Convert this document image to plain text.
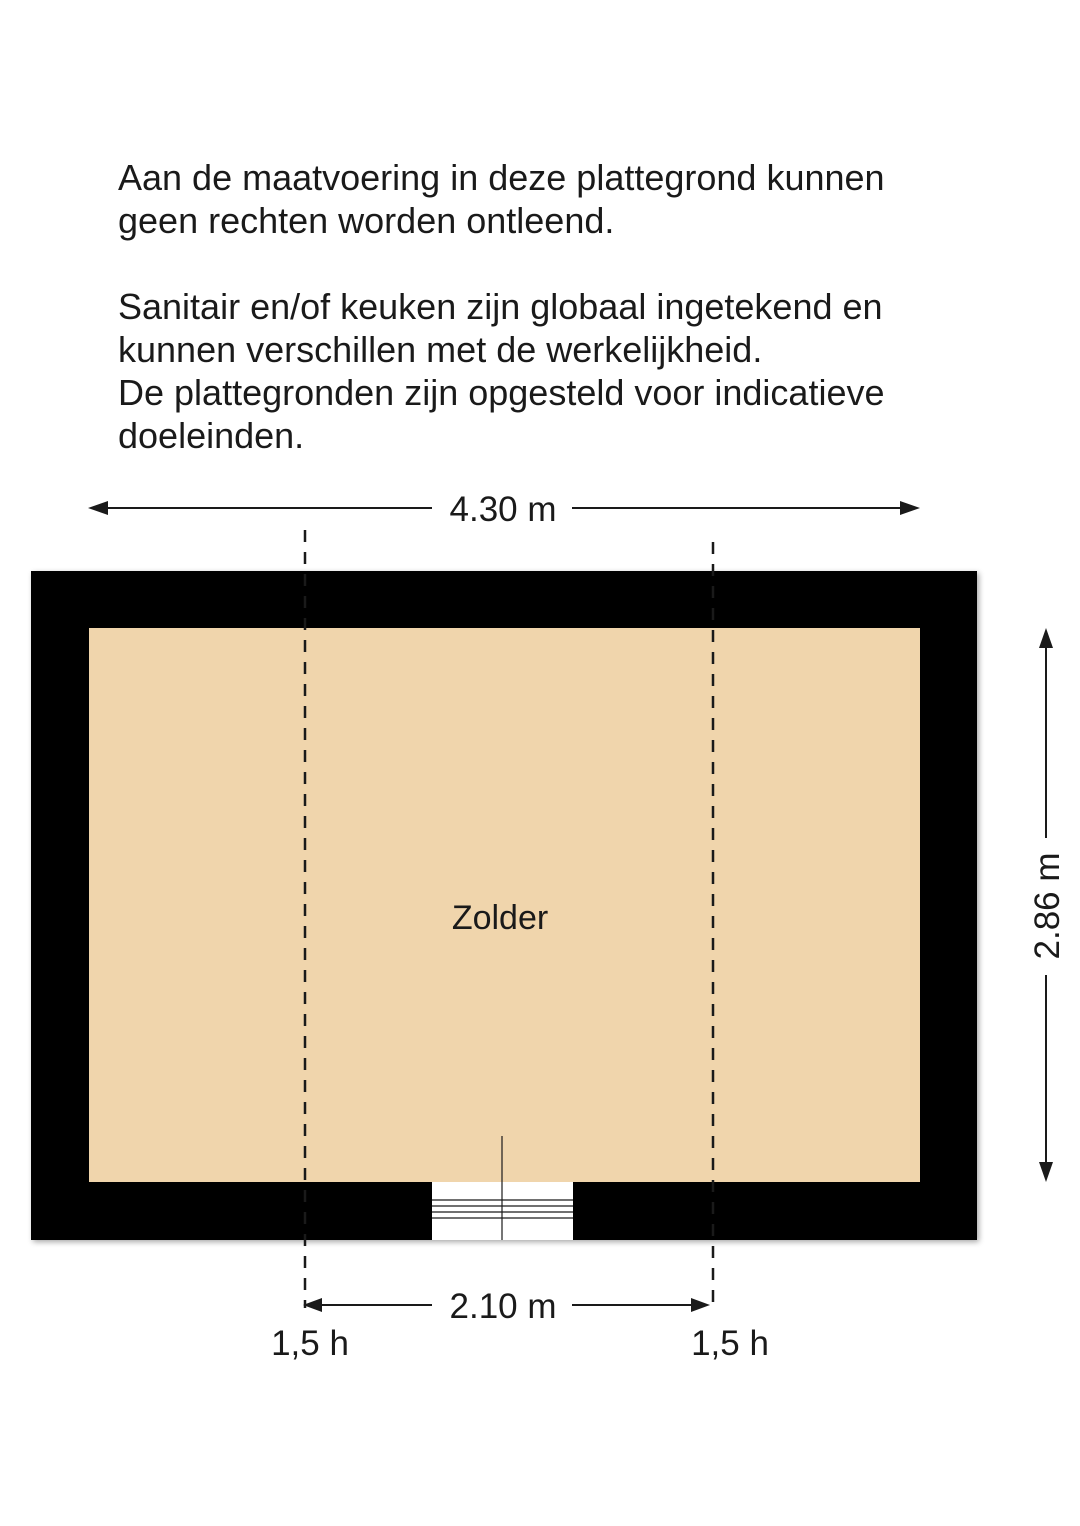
Aan de maatvoering in deze plattegrond kunnen

geen rechten worden ontleend.

Sanitair en/of keuken zijn globaal ingetekend en

kunnen verschillen met de werkelijkheid.

De plattegronden zijn opgesteld voor indicatieve

doeleinden.

4.30 m
Zolder	2.86 m
2.10 m
1,5 h	1,5 h
